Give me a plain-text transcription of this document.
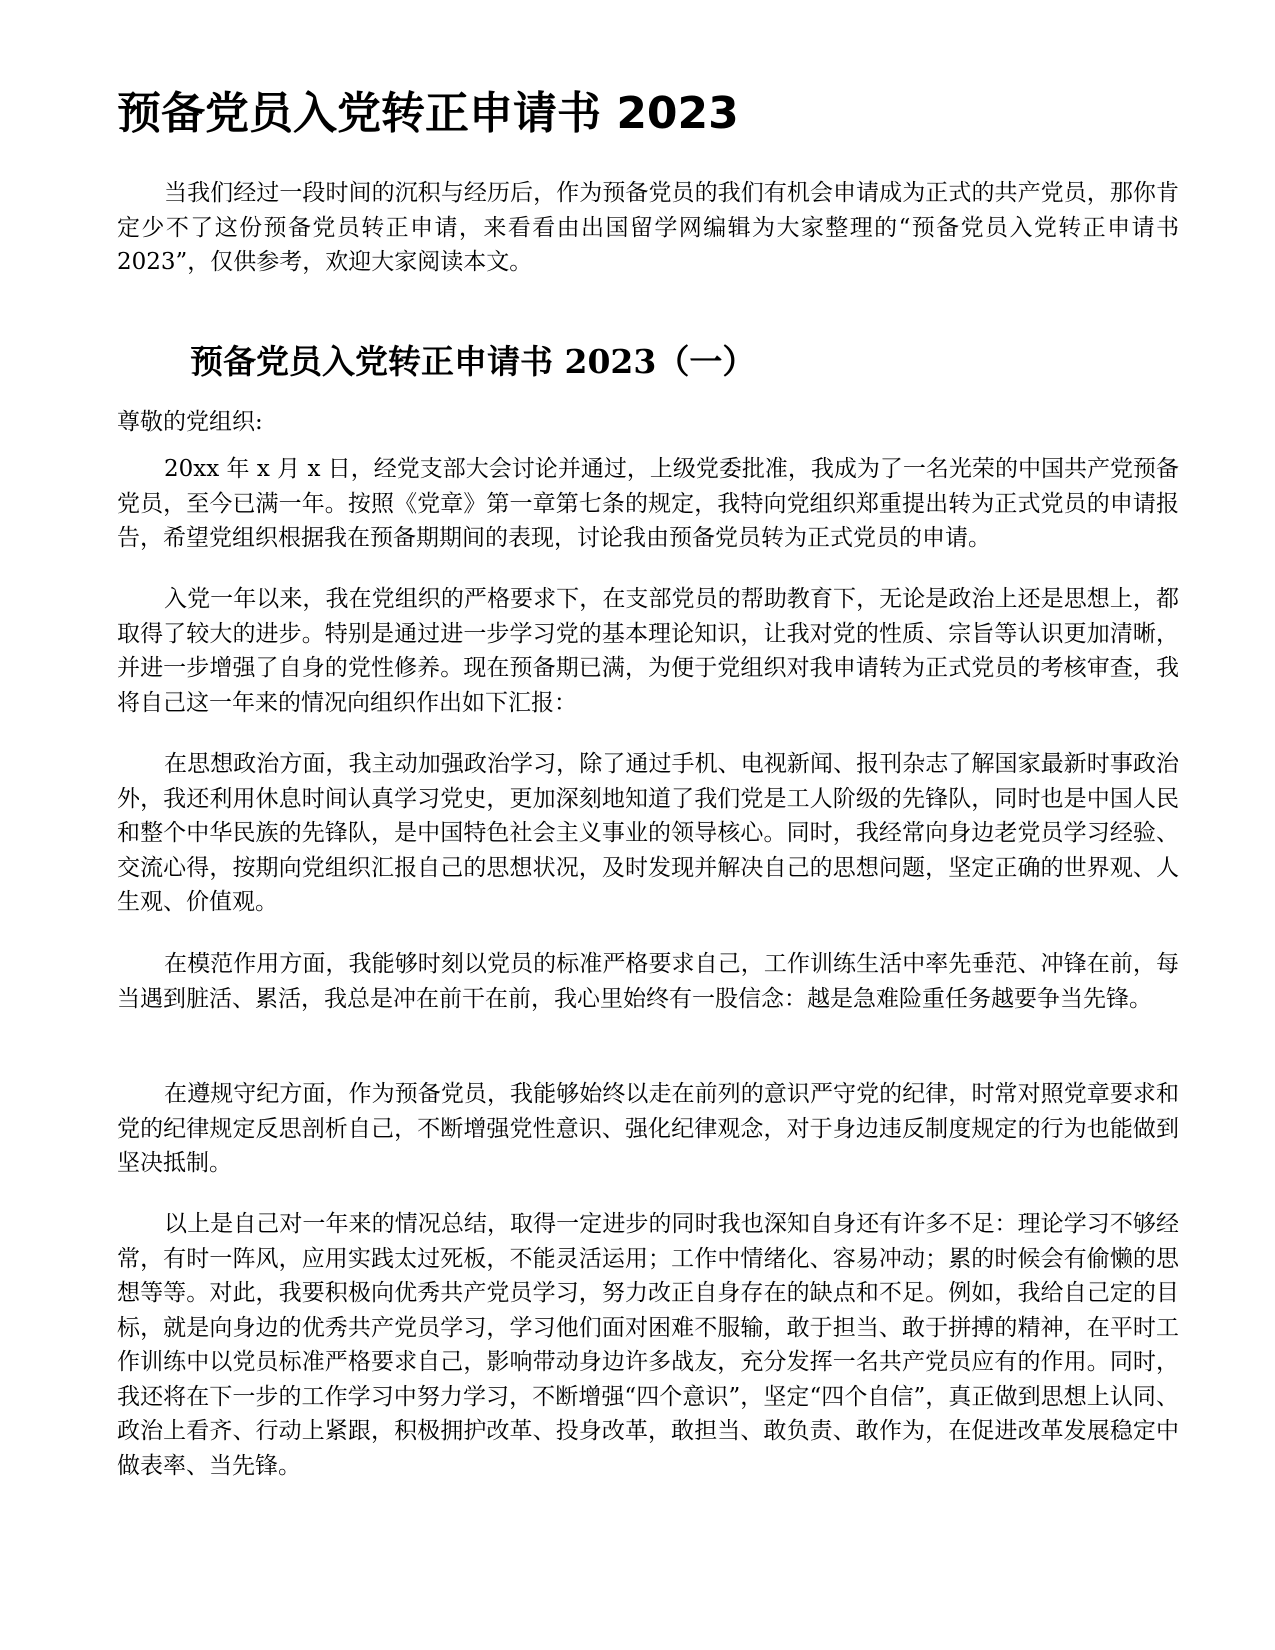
预备党员入党转正申请书 2023

当我们经过一段时间的沉积与经历后，作为预备党员的我们有机会申请成为正式的共产党员，那你肯定少不了这份预备党员转正申请，来看看由出国留学网编辑为大家整理的“预备党员入党转正申请书 2023”，仅供参考，欢迎大家阅读本文。

预备党员入党转正申请书 2023（一）

尊敬的党组织:

20xx 年 x 月 x 日，经党支部大会讨论并通过，上级党委批准，我成为了一名光荣的中国共产党预备党员，至今已满一年。按照《党章》第一章第七条的规定，我特向党组织郑重提出转为正式党员的申请报告，希望党组织根据我在预备期期间的表现，讨论我由预备党员转为正式党员的申请。

入党一年以来，我在党组织的严格要求下，在支部党员的帮助教育下，无论是政治上还是思想上，都取得了较大的进步。特别是通过进一步学习党的基本理论知识，让我对党的性质、宗旨等认识更加清晰，并进一步增强了自身的党性修养。现在预备期已满，为便于党组织对我申请转为正式党员的考核审查，我将自己这一年来的情况向组织作出如下汇报：

在思想政治方面，我主动加强政治学习，除了通过手机、电视新闻、报刊杂志了解国家最新时事政治外，我还利用休息时间认真学习党史，更加深刻地知道了我们党是工人阶级的先锋队，同时也是中国人民和整个中华民族的先锋队，是中国特色社会主义事业的领导核心。同时，我经常向身边老党员学习经验、交流心得，按期向党组织汇报自己的思想状况，及时发现并解决自己的思想问题，坚定正确的世界观、人生观、价值观。

在模范作用方面，我能够时刻以党员的标准严格要求自己，工作训练生活中率先垂范、冲锋在前，每当遇到脏活、累活，我总是冲在前干在前，我心里始终有一股信念：越是急难险重任务越要争当先锋。

在遵规守纪方面，作为预备党员，我能够始终以走在前列的意识严守党的纪律，时常对照党章要求和党的纪律规定反思剖析自己，不断增强党性意识、强化纪律观念，对于身边违反制度规定的行为也能做到坚决抵制。

以上是自己对一年来的情况总结，取得一定进步的同时我也深知自身还有许多不足：理论学习不够经常，有时一阵风，应用实践太过死板，不能灵活运用；工作中情绪化、容易冲动；累的时候会有偷懒的思想等等。对此，我要积极向优秀共产党员学习，努力改正自身存在的缺点和不足。例如，我给自己定的目标，就是向身边的优秀共产党员学习，学习他们面对困难不服输，敢于担当、敢于拼搏的精神，在平时工作训练中以党员标准严格要求自己，影响带动身边许多战友，充分发挥一名共产党员应有的作用。同时，我还将在下一步的工作学习中努力学习，不断增强“四个意识”，坚定“四个自信”，真正做到思想上认同、政治上看齐、行动上紧跟，积极拥护改革、投身改革，敢担当、敢负责、敢作为，在促进改革发展稳定中做表率、当先锋。
